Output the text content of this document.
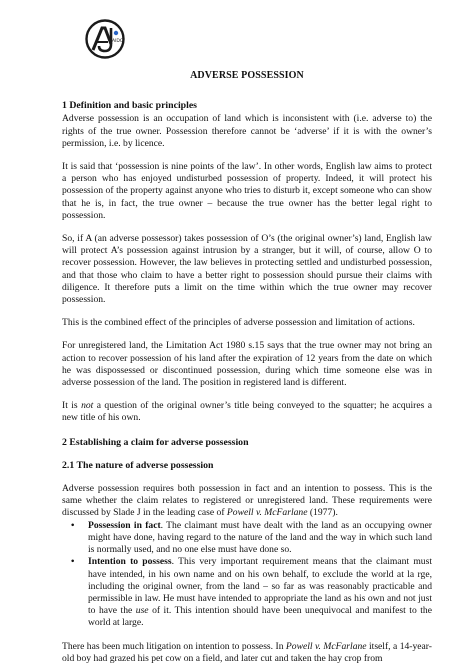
AIDO
ADVERSE POSSESSION
1 Definition and basic principles

Adverse possession is an occupation of land which is inconsistent with (i.e. adverse to) the rights of the true owner. Possession therefore cannot be ‘adverse’ if it is with the owner’s permission, i.e. by licence.

It is said that ‘possession is nine points of the law’. In other words, English law aims to protect a person who has enjoyed undisturbed possession of property. Indeed, it will protect his possession of the property against anyone who tries to disturb it, except someone who can show that he is, in fact, the true owner – because the true owner has the better legal right to possession.

So, if A (an adverse possessor) takes possession of O’s (the original owner’s) land, English law will protect A’s possession against intrusion by a stranger, but it will, of course, allow O to recover possession. However, the law believes in protecting settled and undisturbed possession, and that those who claim to have a better right to possession should pursue their claims with diligence. It therefore puts a limit on the time within which the true owner may recover possession.

This is the combined effect of the principles of adverse possession and limitation of actions.

For unregistered land, the Limitation Act 1980 s.15 says that the true owner may not bring an action to recover possession of his land after the expiration of 12 years from the date on which he was dispossessed or discontinued possession, during which time someone else was in adverse possession of the land. The position in registered land is different.

It is not a question of the original owner’s title being conveyed to the squatter; he acquires a new title of his own.

2 Establishing a claim for adverse possession
2.1 The nature of adverse possession

Adverse possession requires both possession in fact and an intention to possess. This is the same whether the claim relates to registered or unregistered land. These requirements were discussed by Slade J in the leading case of Powell v. McFarlane (1977).

• Possession in fact. The claimant must have dealt with the land as an occupying owner might have done, having regard to the nature of the land and the way in which such land is normally used, and no one else must have done so.
• Intention to possess. This very important requirement means that the claimant must have intended, in his own name and on his own behalf, to exclude the world at la rge, including the original owner, from the land – so far as was reasonably practicable and permissible in law. He must have intended to appropriate the land as his own and not just to have the use of it. This intention should have been unequivocal and manifest to the world at large.

There has been much litigation on intention to possess. In Powell v. McFarlane itself, a 14-year-old boy had grazed his pet cow on a field, and later cut and taken the hay crop from
